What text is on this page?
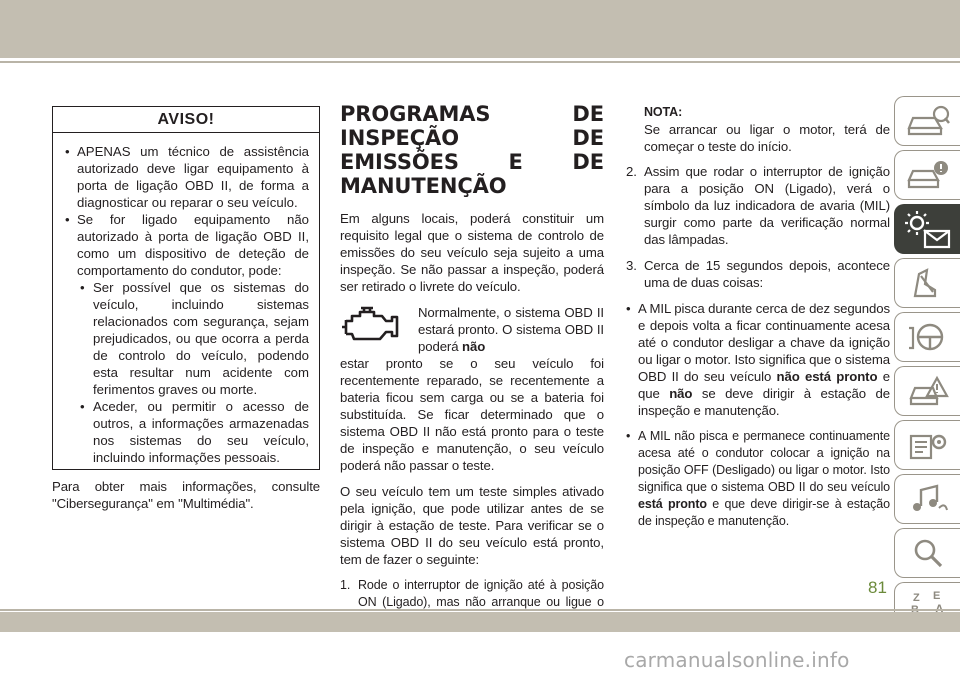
AVISO!
• APENAS um técnico de assistência autorizado deve ligar equipamento à porta de ligação OBD II, de forma a diagnosticar ou reparar o seu veículo.
• Se for ligado equipamento não autorizado à porta de ligação OBD II, como um dispositivo de deteção de comportamento do condutor, pode:
• Ser possível que os sistemas do veículo, incluindo sistemas relacionados com segurança, sejam prejudicados, ou que ocorra a perda de controlo do veículo, podendo esta resultar num acidente com ferimentos graves ou morte.
• Aceder, ou permitir o acesso de outros, a informações armazenadas nos sistemas do seu veículo, incluindo informações pessoais.

Para obter mais informações, consulte "Cibersegurança" em "Multimédia".

PROGRAMAS DE INSPEÇÃO DE EMISSÕES E DE MANUTENÇÃO

Em alguns locais, poderá constituir um requisito legal que o sistema de controlo de emissões do seu veículo seja sujeito a uma inspeção. Se não passar a inspeção, poderá ser retirado o livrete do veículo.

Normalmente, o sistema OBD II estará pronto. O sistema OBD II poderá não

estar pronto se o seu veículo foi recentemente reparado, se recentemente a bateria ficou sem carga ou se a bateria foi substituída. Se ficar determinado que o sistema OBD II não está pronto para o teste de inspeção e manutenção, o seu veículo poderá não passar o teste.

O seu veículo tem um teste simples ativado pela ignição, que pode utilizar antes de se dirigir à estação de teste. Para verificar se o sistema OBD II do seu veículo está pronto, tem de fazer o seguinte:

1. Rode o interruptor de ignição até à posição ON (Ligado), mas não arranque ou ligue o
NOTA:
Se arrancar ou ligar o motor, terá de começar o teste do início.
2. Assim que rodar o interruptor de ignição para a posição ON (Ligado), verá o símbolo da luz indicadora de avaria (MIL) surgir como parte da verificação normal das lâmpadas.
3. Cerca de 15 segundos depois, acontece uma de duas coisas:
• A MIL pisca durante cerca de dez segundos e depois volta a ficar continuamente acesa até o condutor desligar a chave da ignição ou ligar o motor. Isto significa que o sistema OBD II do seu veículo não está pronto e que não se deve dirigir à estação de inspeção e manutenção.
• A MIL não pisca e permanece continuamente acesa até o condutor colocar a ignição na posição OFF (Desligado) ou ligar o motor. Isto significa que o sistema OBD II do seu veículo está pronto e que deve dirigir-se à estação de inspeção e manutenção.
Z E
81
carmanualsonline.info
